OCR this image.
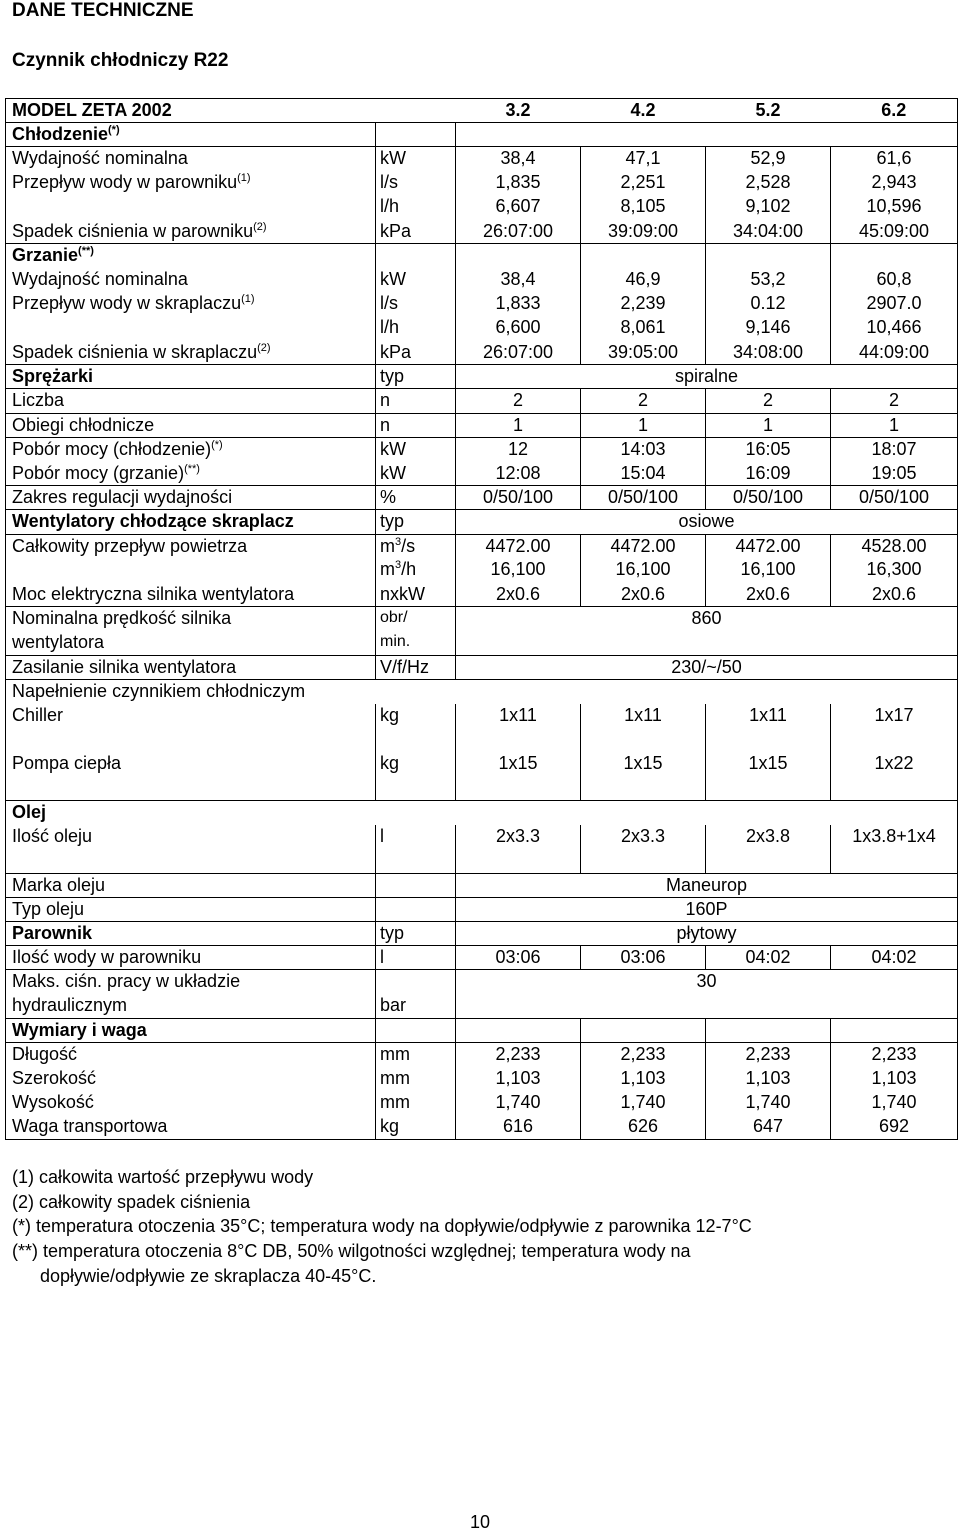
DANE TECHNICZNE
Czynnik chłodniczy R22
MODEL ZETA 2002		3.2	4.2	5.2	6.2
Chłodzenie(*)					
Wydajność nominalna	kW	38,4	47,1	52,9	61,6
Przepływ wody w parowniku$^{(1)}$	l/s	1,835	2,251	2,528	2,943
	l/h	6,607	8,105	9,102	10,596
Spadek ciśnienia w parowniku$^{(2)}$	kPa	26:07:00	39:09:00	34:04:00	45:09:00
Grzanie(**)					
Wydajność nominalna	kW	38,4	46,9	53,2	60,8
Przepływ wody w skraplaczu$^{(1)}$	l/s	1,833	2,239	0.12	2907.0
	l/h	6,600	8,061	9,146	10,466
Spadek ciśnienia w skraplaczu$^{(2)}$	kPa	26:07:00	39:05:00	34:08:00	44:09:00
Sprężarki	typ	spiralne			
Liczba	n	2	2	2	2
Obiegi chłodnicze	n	1	1	1	1
Pobór mocy (chłodzenie)(*)	kW	12	14:03	16:05	18:07
Pobór mocy (grzanie)(**)	kW	12:08	15:04	16:09	19:05
Zakres regulacji wydajności	%	0/50/100	0/50/100	0/50/100	0/50/100
Wentylatory chłodzące skraplacz	typ	osiowe			
Całkowity przepływ powietrza	$m^3/s$	4472.00	4472.00	4472.00	4528.00
	$m^3/h$	16,100	16,100	16,100	16,300
Moc elektryczna silnika wentylatora	nxkW	2x0.6	2x0.6	2x0.6	2x0.6
Nominalna prędkość silnika	obr/	860			
wentylatora	min.				
Zasilanie silnika wentylatora	V/f/Hz	230/~/50			
Napełnienie czynnikiem chłodniczym					
Chiller	kg	1x11	1x11	1x11	1x17

Pompa ciepła	kg	1x15	1x15	1x15	1x22

Olej					
Ilość oleju	l	2x3.3	2x3.3	2x3.8	1x3.8+1x4

Marka oleju		Maneurop			
Typ oleju		160P			
Parownik	typ	płytowy			
Ilość wody w parowniku	l	03:06	03:06	04:02	04:02
Maks. ciśn. pracy w układzie		30			
hydraulicznym	bar				
Wymiary i waga					
Długość	mm	2,233	2,233	2,233	2,233
Szerokość	mm	1,103	1,103	1,103	1,103
Wysokość	mm	1,740	1,740	1,740	1,740
Waga transportowa	kg	616	626	647	692
(1) całkowita wartość przepływu wody
(2) całkowity spadek ciśnienia
(*) temperatura otoczenia 35°C; temperatura wody na dopływie/odpływie z parownika 12-7°C
(**) temperatura otoczenia 8°C DB, 50% wilgotności względnej; temperatura wody na
dopływie/odpływie ze skraplacza 40-45°C.
10
